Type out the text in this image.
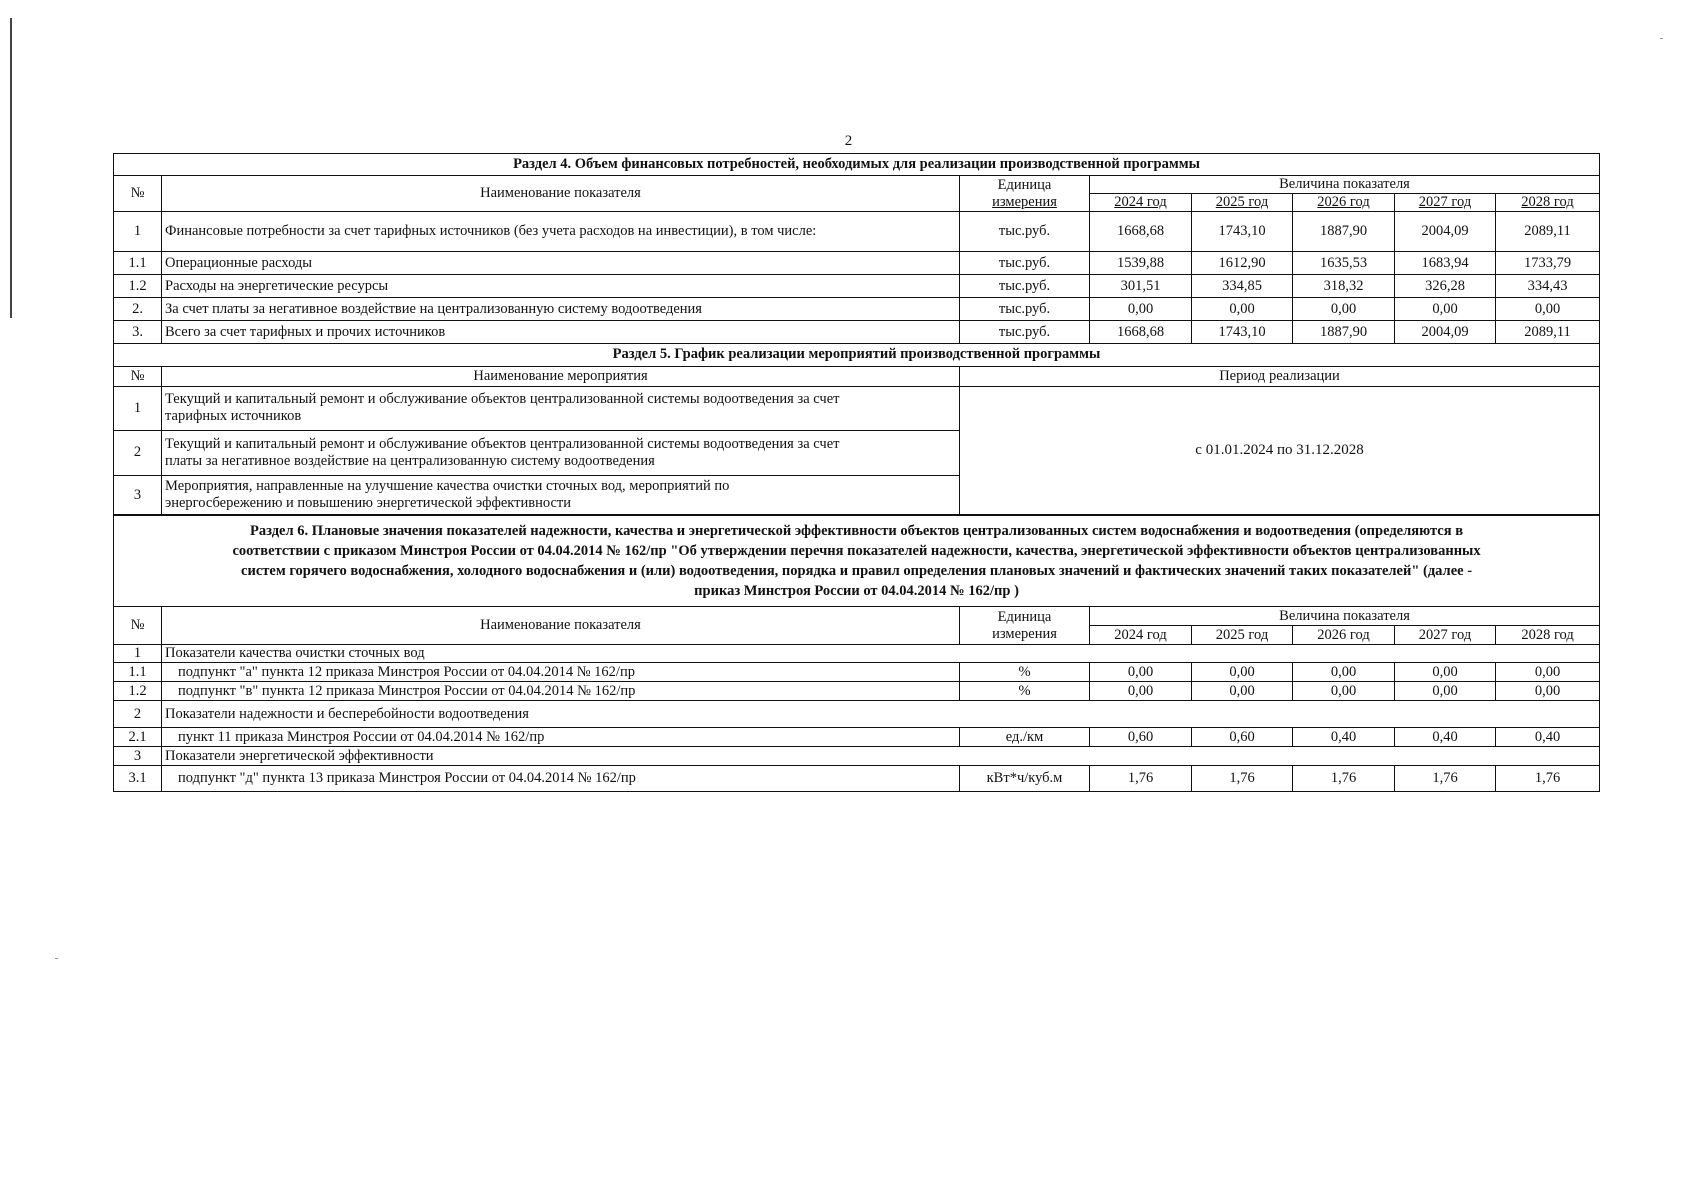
2
Раздел 4. Объем финансовых потребностей, необходимых для реализации производственной программы							
№	Наименование показателя	Единица
измерения	Величина показателя				
			2024 год	2025 год	2026 год	2027 год	2028 год
1	Финансовые потребности за счет тарифных источников (без учета расходов на инвестиции), в том числе:	тыс.руб.	1668,68	1743,10	1887,90	2004,09	2089,11
1.1	Операционные расходы	тыс.руб.	1539,88	1612,90	1635,53	1683,94	1733,79
1.2	Расходы на энергетические ресурсы	тыс.руб.	301,51	334,85	318,32	326,28	334,43
2.	За счет платы за негативное воздействие на централизованную систему водоотведения	тыс.руб.	0,00	0,00	0,00	0,00	0,00
3.	Всего за счет тарифных и прочих источников	тыс.руб.	1668,68	1743,10	1887,90	2004,09	2089,11
Раздел 5. График реализации мероприятий производственной программы		
№	Наименование мероприятия	Период реализации
1	Текущий и капитальный ремонт и обслуживание объектов централизованной системы водоотведения за счет
тарифных источников	с 01.01.2024 по 31.12.2028
2	Текущий и капитальный ремонт и обслуживание объектов централизованной системы водоотведения за счет
платы за негативное воздействие на централизованную систему водоотведения	

3	Мероприятия, направленные на улучшение качества очистки сточных вод, мероприятий по
энергосбережению и повышению энергетической эффективности	
Раздел 6. Плановые значения показателей надежности, качества и энергетической эффективности объектов централизованных систем водоснабжения и водоотведения (определяются в
соответствии с приказом Минстроя России от 04.04.2014 № 162/пр "Об утверждении перечня показателей надежности, качества, энергетической эффективности объектов централизованных
систем горячего водоснабжения, холодного водоснабжения и (или) водоотведения, порядка и правил определения плановых значений и фактических значений таких показателей" (далее -
приказ Минстроя России от 04.04.2014 № 162/пр )							

№	Наименование показателя	Единица
измерения	Величина показателя				
			2024 год	2025 год	2026 год	2027 год	2028 год
1	Показатели качества очистки сточных вод						
1.1	подпункт "а" пункта 12 приказа Минстроя России от 04.04.2014 № 162/пр	%	0,00	0,00	0,00	0,00	0,00
1.2	подпункт "в" пункта 12 приказа Минстроя России от 04.04.2014 № 162/пр	%	0,00	0,00	0,00	0,00	0,00
2	Показатели надежности и бесперебойности водоотведения						
2.1	пункт 11 приказа Минстроя России от 04.04.2014 № 162/пр	ед./км	0,60	0,60	0,40	0,40	0,40
3	Показатели энергетической эффективности						
3.1	подпункт "д" пункта 13 приказа Минстроя России от 04.04.2014 № 162/пр	кВт*ч/куб.м	1,76	1,76	1,76	1,76	1,76
